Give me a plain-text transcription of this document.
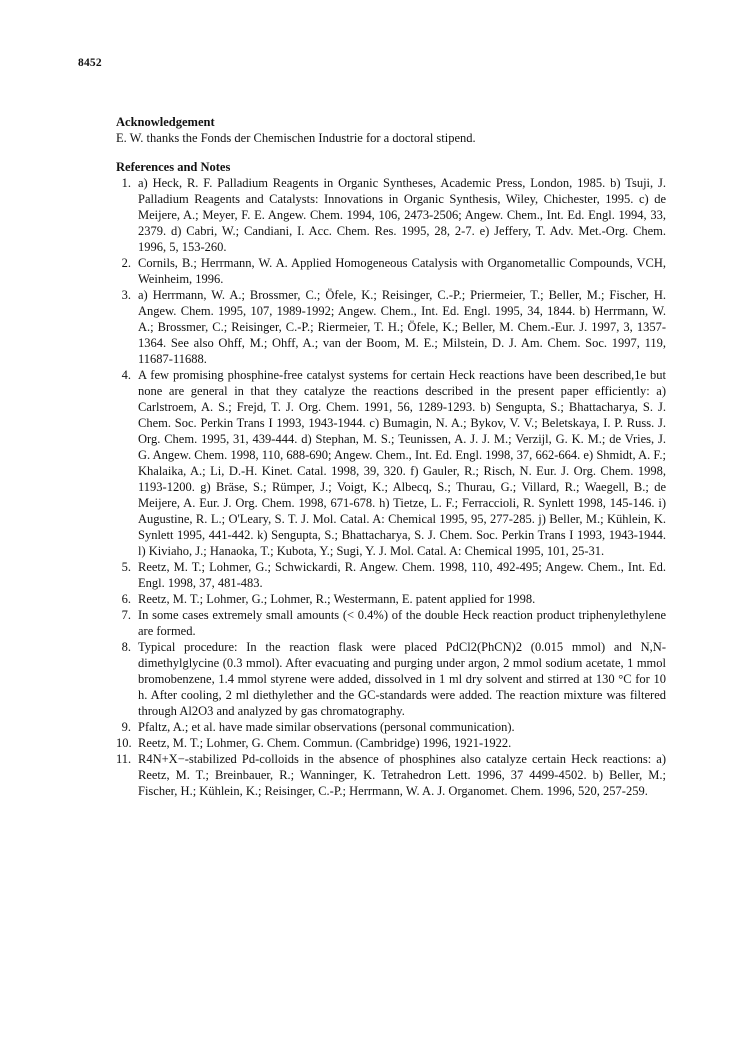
8452
Acknowledgement

E. W. thanks the Fonds der Chemischen Industrie for a doctoral stipend.

References and Notes
1. a) Heck, R. F. Palladium Reagents in Organic Syntheses, Academic Press, London, 1985. b) Tsuji, J. Palladium Reagents and Catalysts: Innovations in Organic Synthesis, Wiley, Chichester, 1995. c) de Meijere, A.; Meyer, F. E. Angew. Chem. 1994, 106, 2473-2506; Angew. Chem., Int. Ed. Engl. 1994, 33, 2379. d) Cabri, W.; Candiani, I. Acc. Chem. Res. 1995, 28, 2-7. e) Jeffery, T. Adv. Met.-Org. Chem. 1996, 5, 153-260.
2. Cornils, B.; Herrmann, W. A. Applied Homogeneous Catalysis with Organometallic Compounds, VCH, Weinheim, 1996.
3. a) Herrmann, W. A.; Brossmer, C.; Öfele, K.; Reisinger, C.-P.; Priermeier, T.; Beller, M.; Fischer, H. Angew. Chem. 1995, 107, 1989-1992; Angew. Chem., Int. Ed. Engl. 1995, 34, 1844. b) Herrmann, W. A.; Brossmer, C.; Reisinger, C.-P.; Riermeier, T. H.; Öfele, K.; Beller, M. Chem.-Eur. J. 1997, 3, 1357-1364. See also Ohff, M.; Ohff, A.; van der Boom, M. E.; Milstein, D. J. Am. Chem. Soc. 1997, 119, 11687-11688.
4. A few promising phosphine-free catalyst systems for certain Heck reactions have been described,1e but none are general in that they catalyze the reactions described in the present paper efficiently: a) Carlstroem, A. S.; Frejd, T. J. Org. Chem. 1991, 56, 1289-1293. b) Sengupta, S.; Bhattacharya, S. J. Chem. Soc. Perkin Trans I 1993, 1943-1944. c) Bumagin, N. A.; Bykov, V. V.; Beletskaya, I. P. Russ. J. Org. Chem. 1995, 31, 439-444. d) Stephan, M. S.; Teunissen, A. J. J. M.; Verzijl, G. K. M.; de Vries, J. G. Angew. Chem. 1998, 110, 688-690; Angew. Chem., Int. Ed. Engl. 1998, 37, 662-664. e) Shmidt, A. F.; Khalaika, A.; Li, D.-H. Kinet. Catal. 1998, 39, 320. f) Gauler, R.; Risch, N. Eur. J. Org. Chem. 1998, 1193-1200. g) Bräse, S.; Rümper, J.; Voigt, K.; Albecq, S.; Thurau, G.; Villard, R.; Waegell, B.; de Meijere, A. Eur. J. Org. Chem. 1998, 671-678. h) Tietze, L. F.; Ferraccioli, R. Synlett 1998, 145-146. i) Augustine, R. L.; O'Leary, S. T. J. Mol. Catal. A: Chemical 1995, 95, 277-285. j) Beller, M.; Kühlein, K. Synlett 1995, 441-442. k) Sengupta, S.; Bhattacharya, S. J. Chem. Soc. Perkin Trans I 1993, 1943-1944. l) Kiviaho, J.; Hanaoka, T.; Kubota, Y.; Sugi, Y. J. Mol. Catal. A: Chemical 1995, 101, 25-31.
5. Reetz, M. T.; Lohmer, G.; Schwickardi, R. Angew. Chem. 1998, 110, 492-495; Angew. Chem., Int. Ed. Engl. 1998, 37, 481-483.
6. Reetz, M. T.; Lohmer, G.; Lohmer, R.; Westermann, E. patent applied for 1998.
7. In some cases extremely small amounts (< 0.4%) of the double Heck reaction product triphenylethylene are formed.
8. Typical procedure: In the reaction flask were placed PdCl2(PhCN)2 (0.015 mmol) and N,N-dimethylglycine (0.3 mmol). After evacuating and purging under argon, 2 mmol sodium acetate, 1 mmol bromobenzene, 1.4 mmol styrene were added, dissolved in 1 ml dry solvent and stirred at 130 °C for 10 h. After cooling, 2 ml diethylether and the GC-standards were added. The reaction mixture was filtered through Al2O3 and analyzed by gas chromatography.
9. Pfaltz, A.; et al. have made similar observations (personal communication).
10. Reetz, M. T.; Lohmer, G. Chem. Commun. (Cambridge) 1996, 1921-1922.
11. R4N+X−-stabilized Pd-colloids in the absence of phosphines also catalyze certain Heck reactions: a) Reetz, M. T.; Breinbauer, R.; Wanninger, K. Tetrahedron Lett. 1996, 37 4499-4502. b) Beller, M.; Fischer, H.; Kühlein, K.; Reisinger, C.-P.; Herrmann, W. A. J. Organomet. Chem. 1996, 520, 257-259.
